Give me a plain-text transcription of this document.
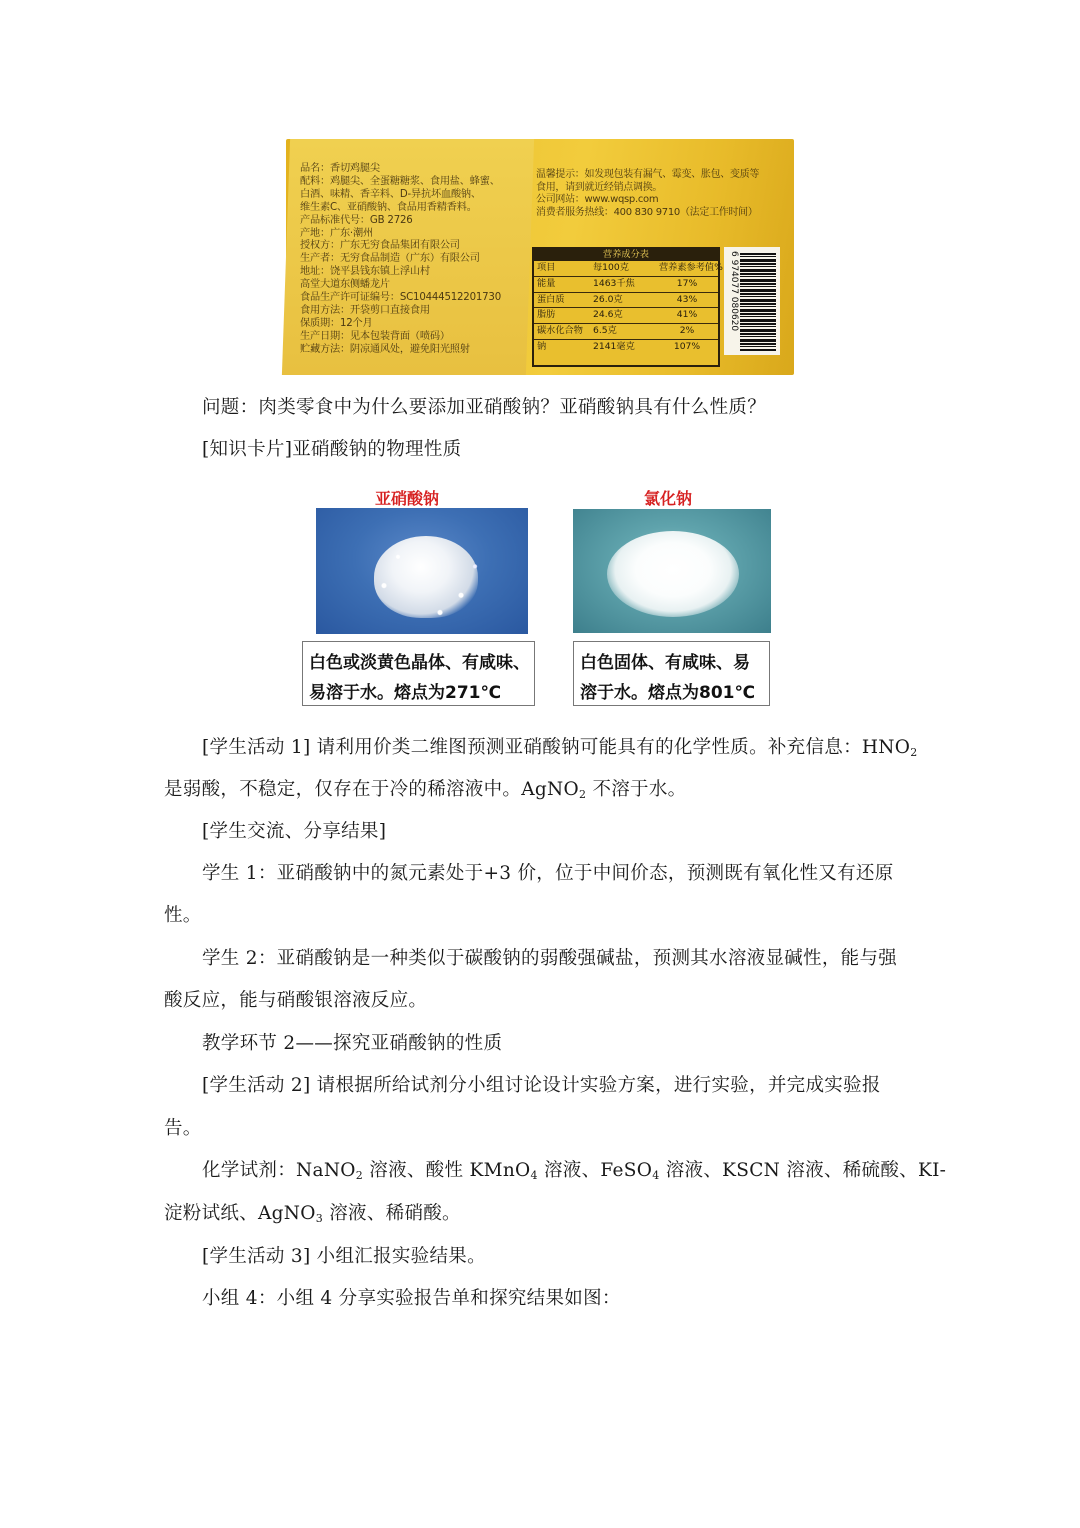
品名：香切鸡腿尖
配料：鸡腿尖、全蛋糖糖浆、食用盐、蜂蜜、
白酒、味精、香辛料、D-异抗坏血酸钠、
维生素C、亚硝酸钠、食品用香精香料。
产品标准代号：GB 2726
产地：广东·潮州
授权方：广东无穷食品集团有限公司
生产者：无穷食品制造（广东）有限公司
地址：饶平县钱东镇上浮山村
高堂大道东侧蟠龙片
食品生产许可证编号：SC10444512201730
食用方法：开袋剪口直接食用
保质期：12个月
生产日期：见本包装背面（喷码）
贮藏方法：阴凉通风处，避免阳光照射
温馨提示：如发现包装有漏气、霉变、胀包、变质等
食用，请到就近经销点调换。
公司网站：www.wqsp.com
消费者服务热线：400 830 9710（法定工作时间）
营养成分表
项目	每100克	营养素参考值%
能量	1463千焦	17%
蛋白质	26.0克	43%
脂肪	24.6克	41%
碳水化合物	6.5克	2%
钠	2141毫克	107%
6 974077 080620
问题：肉类零食中为什么要添加亚硝酸钠？亚硝酸钠具有什么性质？
[知识卡片]亚硝酸钠的物理性质
亚硝酸钠	氯化钠
白色或淡黄色晶体、有咸味、
易溶于水。熔点为271℃
白色固体、有咸味、易
溶于水。熔点为801℃
[学生活动 1] 请利用价类二维图预测亚硝酸钠可能具有的化学性质。补充信息：$HNO_2$
是弱酸，不稳定，仅存在于冷的稀溶液中。AgNO$_2$ 不溶于水。
[学生交流、分享结果]
学生 1：亚硝酸钠中的氮元素处于+3 价，位于中间价态，预测既有氧化性又有还原
性。
学生 2：亚硝酸钠是一种类似于碳酸钠的弱酸强碱盐，预测其水溶液显碱性，能与强
酸反应，能与硝酸银溶液反应。
教学环节 2——探究亚硝酸钠的性质
[学生活动 2] 请根据所给试剂分小组讨论设计实验方案，进行实验，并完成实验报
告。
化学试剂：NaNO$_2$ 溶液、酸性 KMnO$_4$ 溶液、FeSO$_4$ 溶液、KSCN 溶液、稀硫酸、KI-
淀粉试纸、AgNO$_3$ 溶液、稀硝酸。
[学生活动 3] 小组汇报实验结果。
小组 4：小组 4 分享实验报告单和探究结果如图：
